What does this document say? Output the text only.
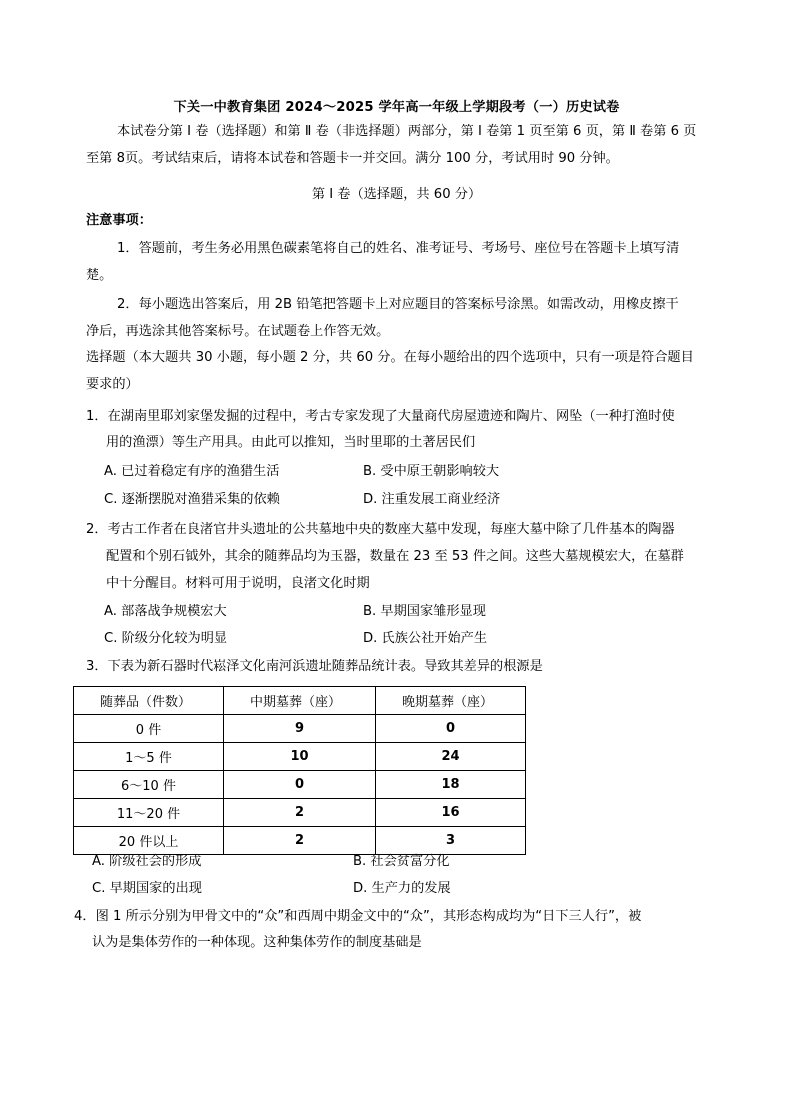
下关一中教育集团 2024～2025 学年高一年级上学期段考（一）历史试卷
本试卷分第 Ⅰ 卷（选择题）和第 Ⅱ 卷（非选择题）两部分，第 Ⅰ 卷第 1 页至第 6 页，第 Ⅱ 卷第 6 页
至第 8页。考试结束后，请将本试卷和答题卡一并交回。满分 100 分，考试用时 90 分钟。
第 Ⅰ 卷（选择题，共 60 分）
注意事项：
1．答题前，考生务必用黑色碳素笔将自己的姓名、准考证号、考场号、座位号在答题卡上填写清
楚。
2．每小题选出答案后，用 2B 铅笔把答题卡上对应题目的答案标号涂黑。如需改动，用橡皮擦干
净后，再选涂其他答案标号。在试题卷上作答无效。
选择题（本大题共 30 小题，每小题 2 分，共 60 分。在每小题给出的四个选项中，只有一项是符合题目
要求的）
1．在湖南里耶刘家堡发掘的过程中，考古专家发现了大量商代房屋遗迹和陶片、网坠（一种打渔时使
用的渔漂）等生产用具。由此可以推知，当时里耶的土著居民们
A. 已过着稳定有序的渔猎生活	B. 受中原王朝影响较大
C. 逐渐摆脱对渔猎采集的依赖	D. 注重发展工商业经济
2．考古工作者在良渚官井头遗址的公共墓地中央的数座大墓中发现，每座大墓中除了几件基本的陶器
配置和个别石钺外，其余的随葬品均为玉器，数量在 23 至 53 件之间。这些大墓规模宏大，在墓群
中十分醒目。材料可用于说明，良渚文化时期
A. 部落战争规模宏大	B. 早期国家雏形显现
C. 阶级分化较为明显	D. 氏族公社开始产生
3．下表为新石器时代崧泽文化南河浜遗址随葬品统计表。导致其差异的根源是
随葬品（件数）	中期墓葬（座）	晚期墓葬（座）
0 件	9	0
1～5 件	10	24
6～10 件	0	18
11～20 件	2	16
20 件以上	2	3
A. 阶级社会的形成	B. 社会贫富分化
C. 早期国家的出现	D. 生产力的发展
4．图 1 所示分别为甲骨文中的“众”和西周中期金文中的“众”，其形态构成均为“日下三人行”，被
认为是集体劳作的一种体现。这种集体劳作的制度基础是
